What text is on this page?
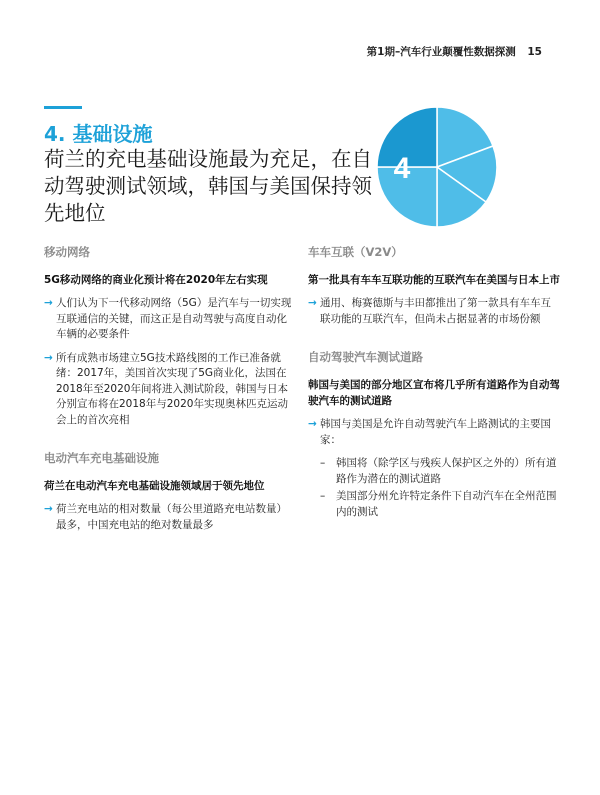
第1期–汽车行业颠覆性数据探测 15
4. 基础设施

荷兰的充电基础设施最为充足，在自动驾驶测试领域，韩国与美国保持领先地位

4

移动网络

5G移动网络的商业化预计将在2020年左右实现

→ 人们认为下一代移动网络（5G）是汽车与一切实现互联通信的关键，而这正是自动驾驶与高度自动化车辆的必要条件

→ 所有成熟市场建立5G技术路线图的工作已准备就绪：2017年，美国首次实现了5G商业化，法国在2018年至2020年间将进入测试阶段，韩国与日本分别宣布将在2018年与2020年实现奥林匹克运动会上的首次亮相

电动汽车充电基础设施

荷兰在电动汽车充电基础设施领域居于领先地位

→ 荷兰充电站的相对数量（每公里道路充电站数量）最多，中国充电站的绝对数量最多

车车互联（V2V）

第一批具有车车互联功能的互联汽车在美国与日本上市

→ 通用、梅赛德斯与丰田都推出了第一款具有车车互联功能的互联汽车，但尚未占据显著的市场份额

自动驾驶汽车测试道路

韩国与美国的部分地区宣布将几乎所有道路作为自动驾驶汽车的测试道路

→ 韩国与美国是允许自动驾驶汽车上路测试的主要国家：

– 韩国将（除学区与残疾人保护区之外的）所有道路作为潜在的测试道路

– 美国部分州允许特定条件下自动汽车在全州范围内的测试
